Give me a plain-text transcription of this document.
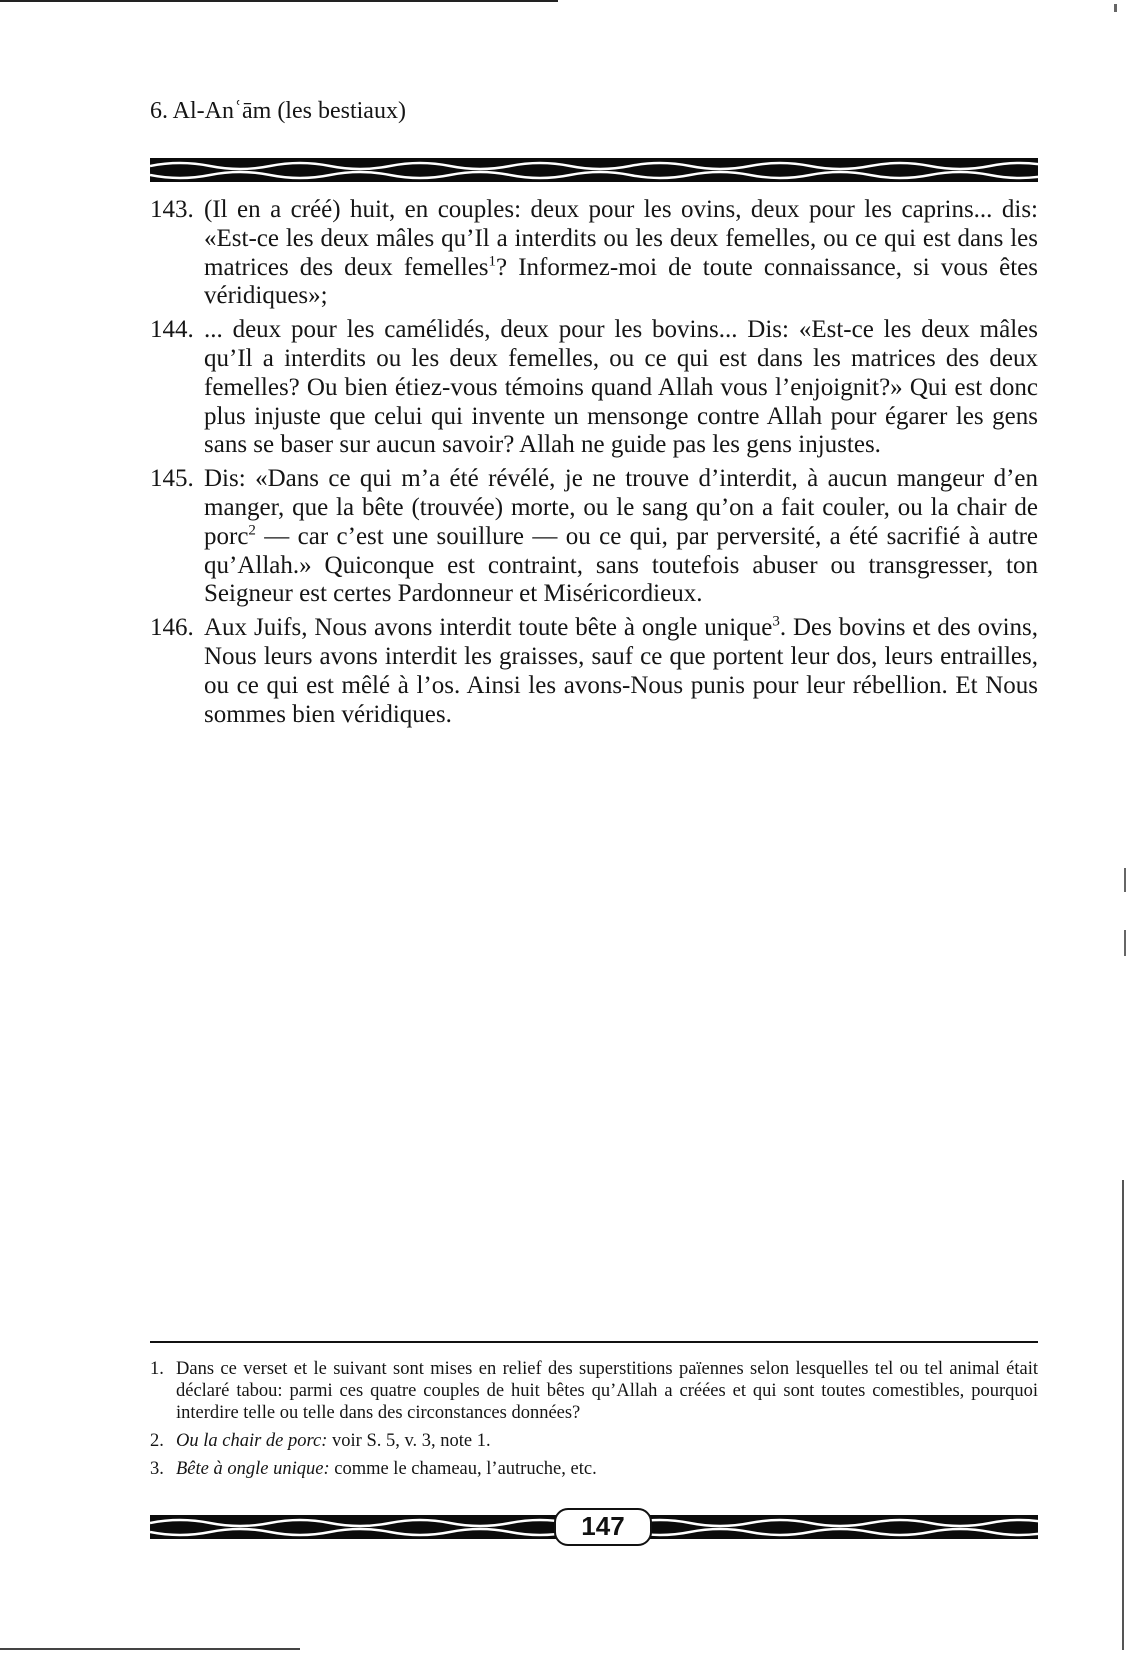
6. Al-Anʿām (les bestiaux)
143. (Il en a créé) huit, en couples: deux pour les ovins, deux pour les caprins... dis: «Est-ce les deux mâles qu’Il a interdits ou les deux femelles, ou ce qui est dans les matrices des deux femelles$^1$? Informez-moi de toute connaissance, si vous êtes véridiques»;
144. ... deux pour les camélidés, deux pour les bovins... Dis: «Est-ce les deux mâles qu’Il a interdits ou les deux femelles, ou ce qui est dans les matrices des deux femelles? Ou bien étiez-vous témoins quand Allah vous l’enjoignit?» Qui est donc plus injuste que celui qui invente un mensonge contre Allah pour égarer les gens sans se baser sur aucun savoir? Allah ne guide pas les gens injustes.
145. Dis: «Dans ce qui m’a été révélé, je ne trouve d’interdit, à aucun mangeur d’en manger, que la bête (trouvée) morte, ou le sang qu’on a fait couler, ou la chair de porc$^2$ — car c’est une souillure — ou ce qui, par perversité, a été sacrifié à autre qu’Allah.» Quiconque est contraint, sans toutefois abuser ou transgresser, ton Seigneur est certes Pardonneur et Miséricordieux.
146. Aux Juifs, Nous avons interdit toute bête à ongle unique$^3$. Des bovins et des ovins, Nous leurs avons interdit les graisses, sauf ce que portent leur dos, leurs entrailles, ou ce qui est mêlé à l’os. Ainsi les avons-Nous punis pour leur rébellion. Et Nous sommes bien véridiques.
1. Dans ce verset et le suivant sont mises en relief des superstitions païennes selon lesquelles tel ou tel animal était déclaré tabou: parmi ces quatre couples de huit bêtes qu’Allah a créées et qui sont toutes comestibles, pourquoi interdire telle ou telle dans des circonstances données?
2. Ou la chair de porc: voir S. 5, v. 3, note 1.
3. Bête à ongle unique: comme le chameau, l’autruche, etc.
147
